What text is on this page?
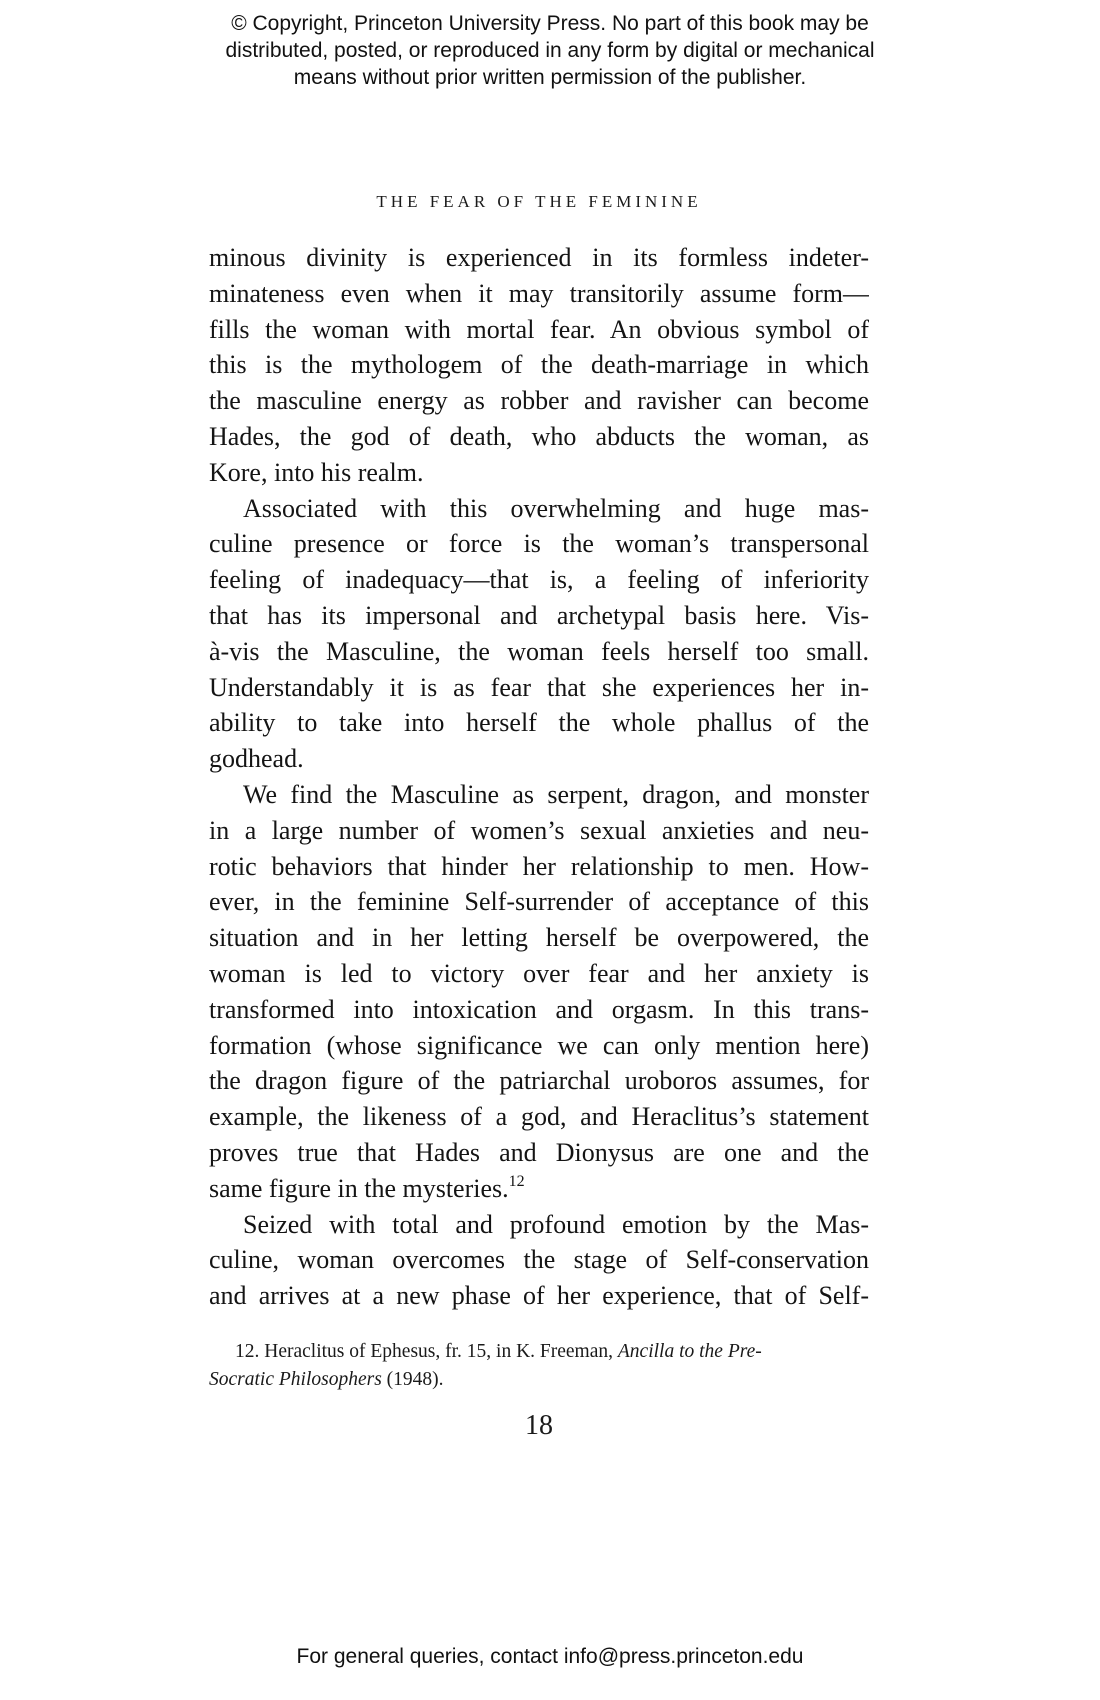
© Copyright, Princeton University Press. No part of this book may be
distributed, posted, or reproduced in any form by digital or mechanical
means without prior written permission of the publisher.
THE FEAR OF THE FEMININE
minous divinity is experienced in its formless indeter-
minateness even when it may transitorily assume form—
fills the woman with mortal fear. An obvious symbol of
this is the mythologem of the death-marriage in which
the masculine energy as robber and ravisher can become
Hades, the god of death, who abducts the woman, as
Kore, into his realm.
Associated with this overwhelming and huge mas-
culine presence or force is the woman’s transpersonal
feeling of inadequacy—that is, a feeling of inferiority
that has its impersonal and archetypal basis here. Vis-
à-vis the Masculine, the woman feels herself too small.
Understandably it is as fear that she experiences her in-
ability to take into herself the whole phallus of the
godhead.
We find the Masculine as serpent, dragon, and monster
in a large number of women’s sexual anxieties and neu-
rotic behaviors that hinder her relationship to men. How-
ever, in the feminine Self-surrender of acceptance of this
situation and in her letting herself be overpowered, the
woman is led to victory over fear and her anxiety is
transformed into intoxication and orgasm. In this trans-
formation (whose significance we can only mention here)
the dragon figure of the patriarchal uroboros assumes, for
example, the likeness of a god, and Heraclitus’s statement
proves true that Hades and Dionysus are one and the
same figure in the mysteries.$^{12}$
Seized with total and profound emotion by the Mas-
culine, woman overcomes the stage of Self-conservation
and arrives at a new phase of her experience, that of Self-
12. Heraclitus of Ephesus, fr. 15, in K. Freeman, Ancilla to the Pre-
Socratic Philosophers (1948).
18
For general queries, contact info@press.princeton.edu
